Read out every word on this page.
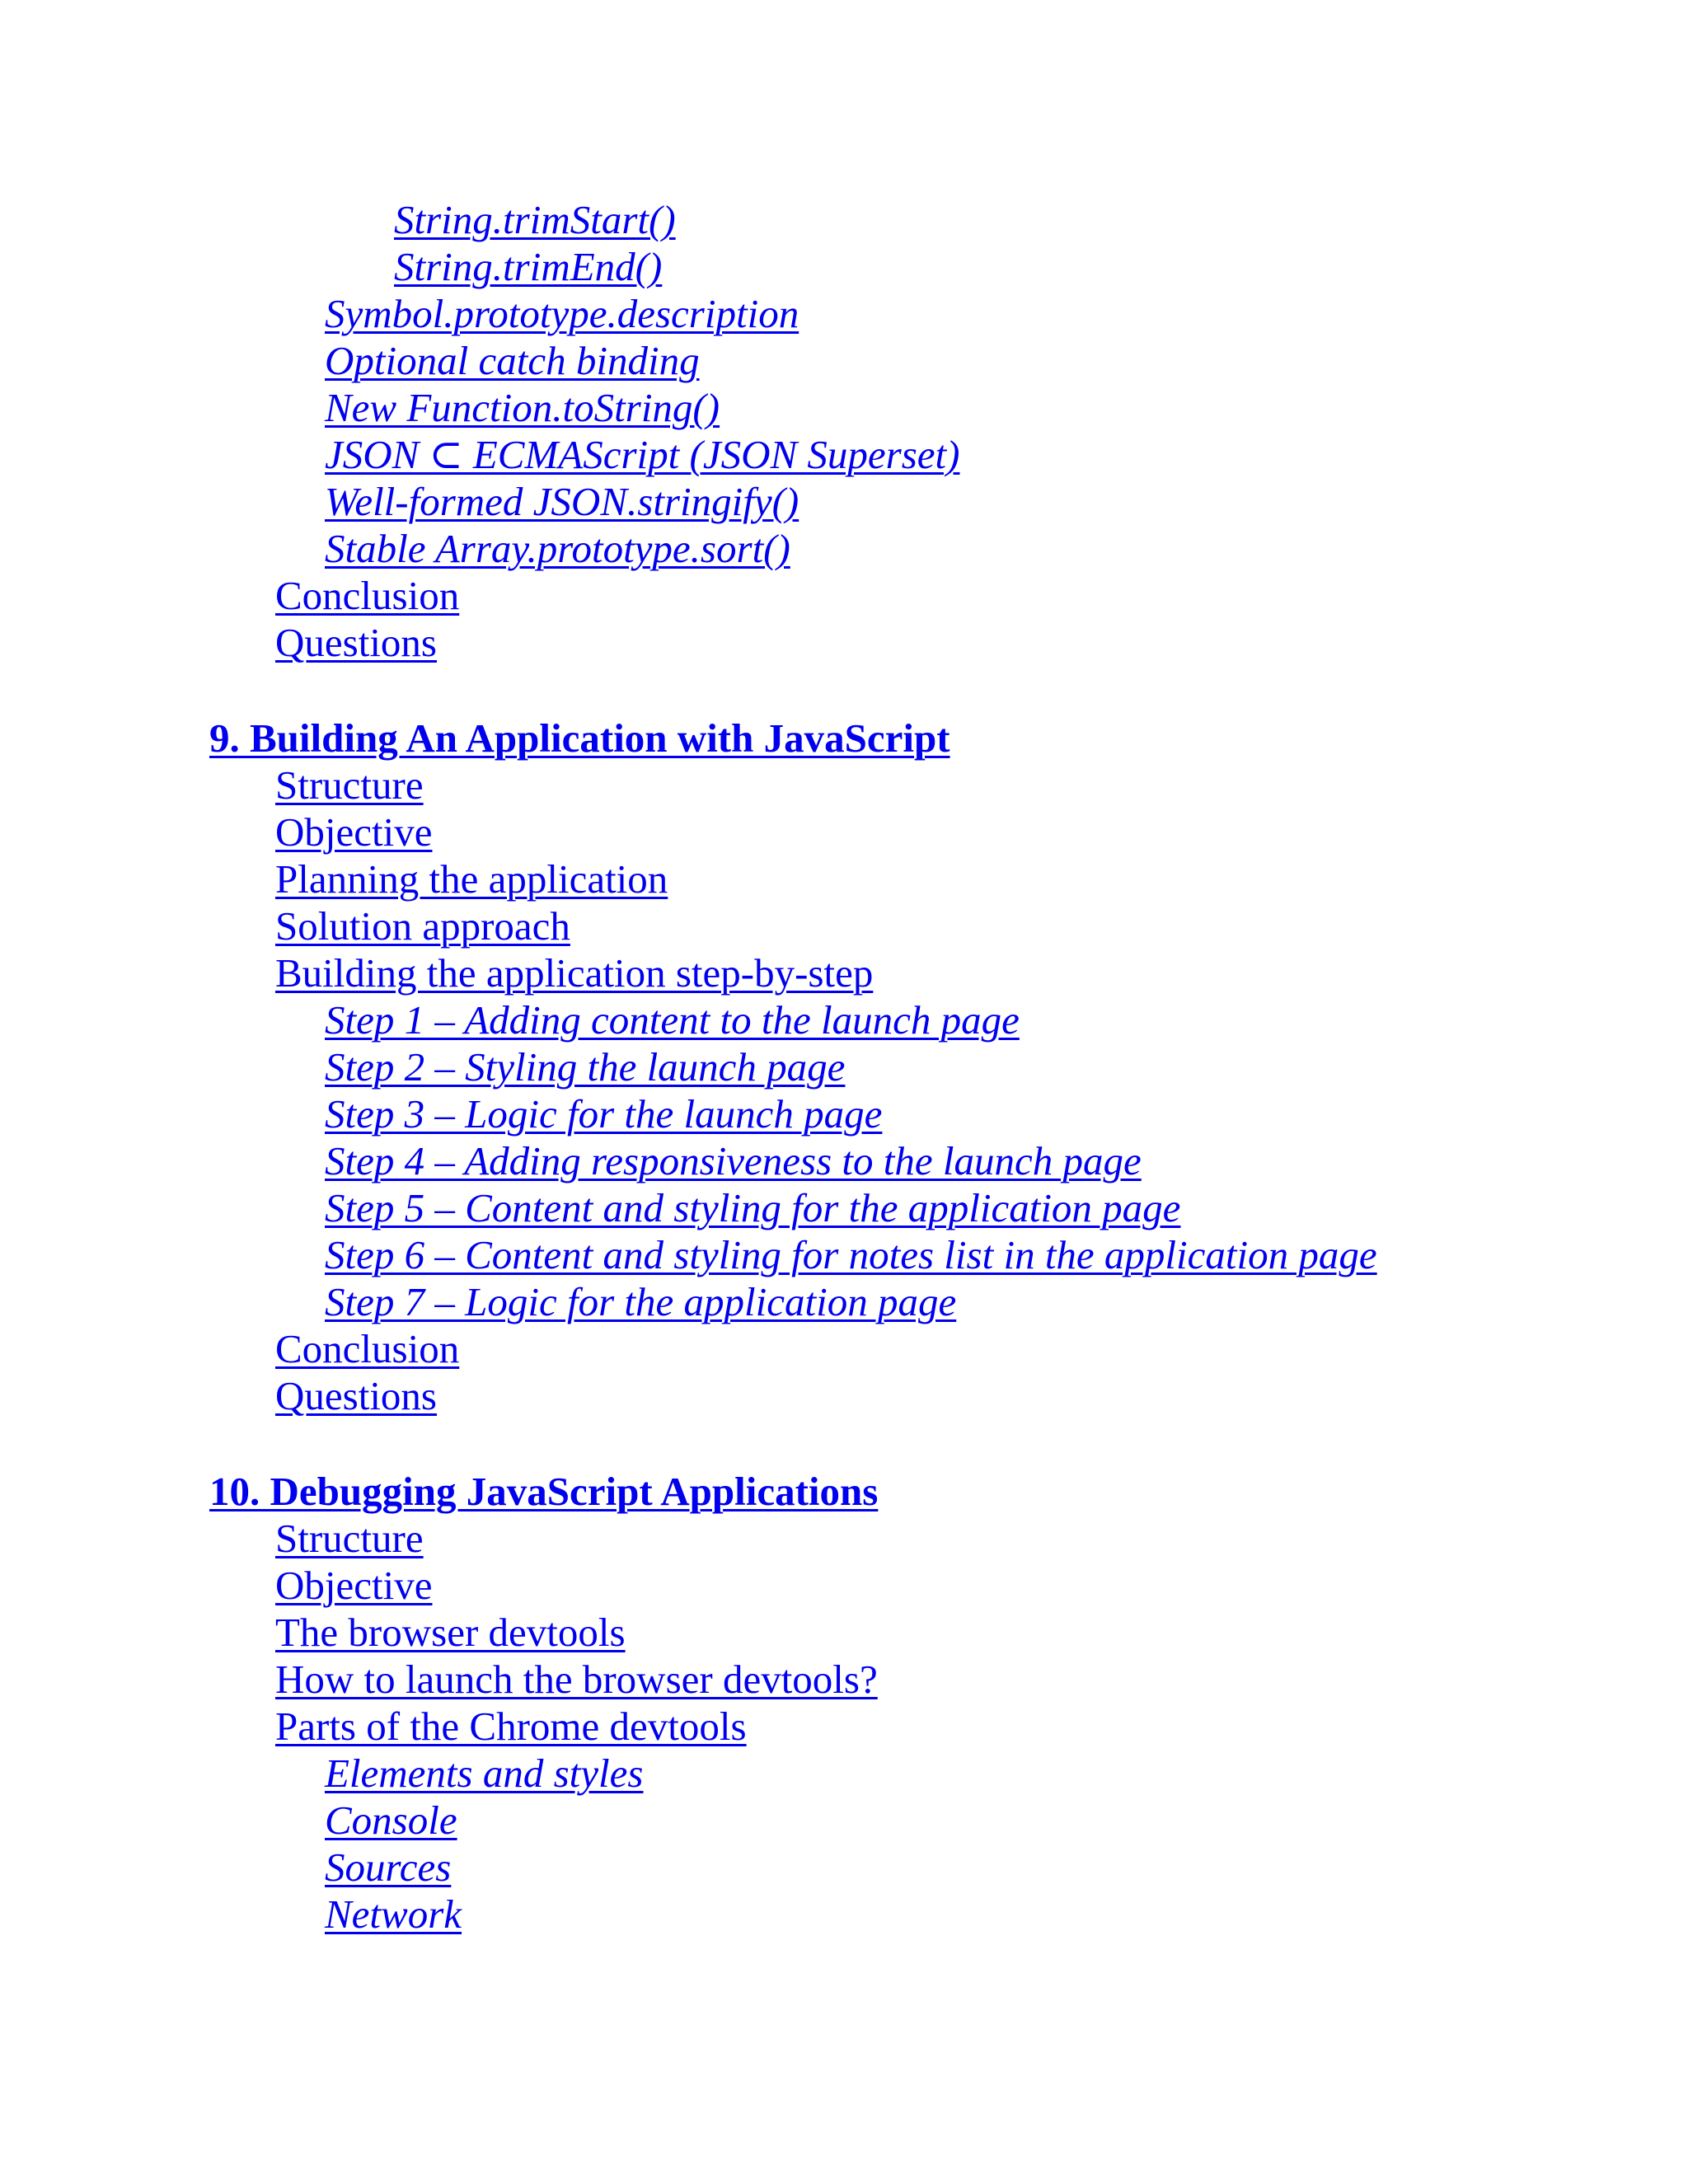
String.trimStart()
String.trimEnd()
Symbol.prototype.description
Optional catch binding
New Function.toString()
JSON ⊂ ECMAScript (JSON Superset)
Well-formed JSON.stringify()
Stable Array.prototype.sort()
Conclusion
Questions
9. Building An Application with JavaScript
Structure
Objective
Planning the application
Solution approach
Building the application step-by-step
Step 1 – Adding content to the launch page
Step 2 – Styling the launch page
Step 3 – Logic for the launch page
Step 4 – Adding responsiveness to the launch page
Step 5 – Content and styling for the application page
Step 6 – Content and styling for notes list in the application page
Step 7 – Logic for the application page
Conclusion
Questions
10. Debugging JavaScript Applications
Structure
Objective
The browser devtools
How to launch the browser devtools?
Parts of the Chrome devtools
Elements and styles
Console
Sources
Network
